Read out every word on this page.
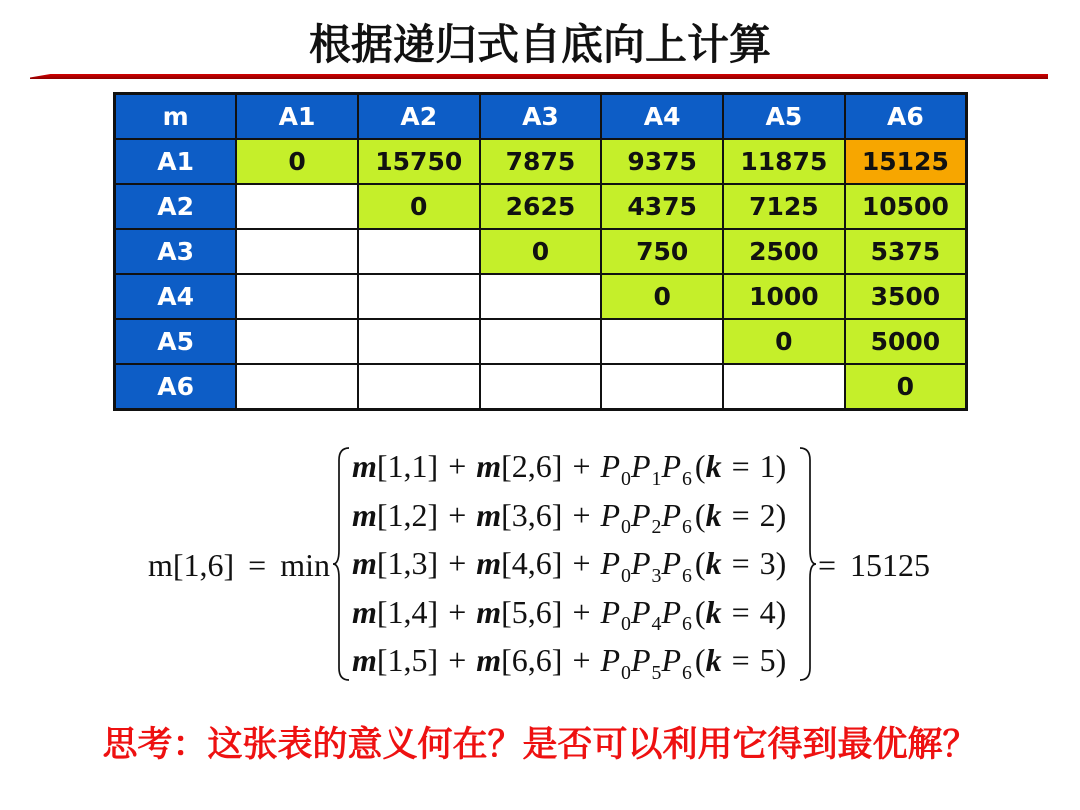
根据递归式自底向上计算
m	A1	A2	A3	A4	A5	A6
A1	0	15750	7875	9375	11875	15125
A2		0	2625	4375	7125	10500
A3			0	750	2500	5375
A4				0	1000	3500
A5					0	5000
A6						0
m[1,6] = min
$m[1,1] + m[2,6] + P_0P_1P_6(k = 1)$
$m[1,2] + m[3,6] + P_0P_2P_6(k = 2)$
$m[1,3] + m[4,6] + P_0P_3P_6(k = 3)$
$m[1,4] + m[5,6] + P_0P_4P_6(k = 4)$
$m[1,5] + m[6,6] + P_0P_5P_6(k = 5)$
= 15125
思考：这张表的意义何在？是否可以利用它得到最优解？
